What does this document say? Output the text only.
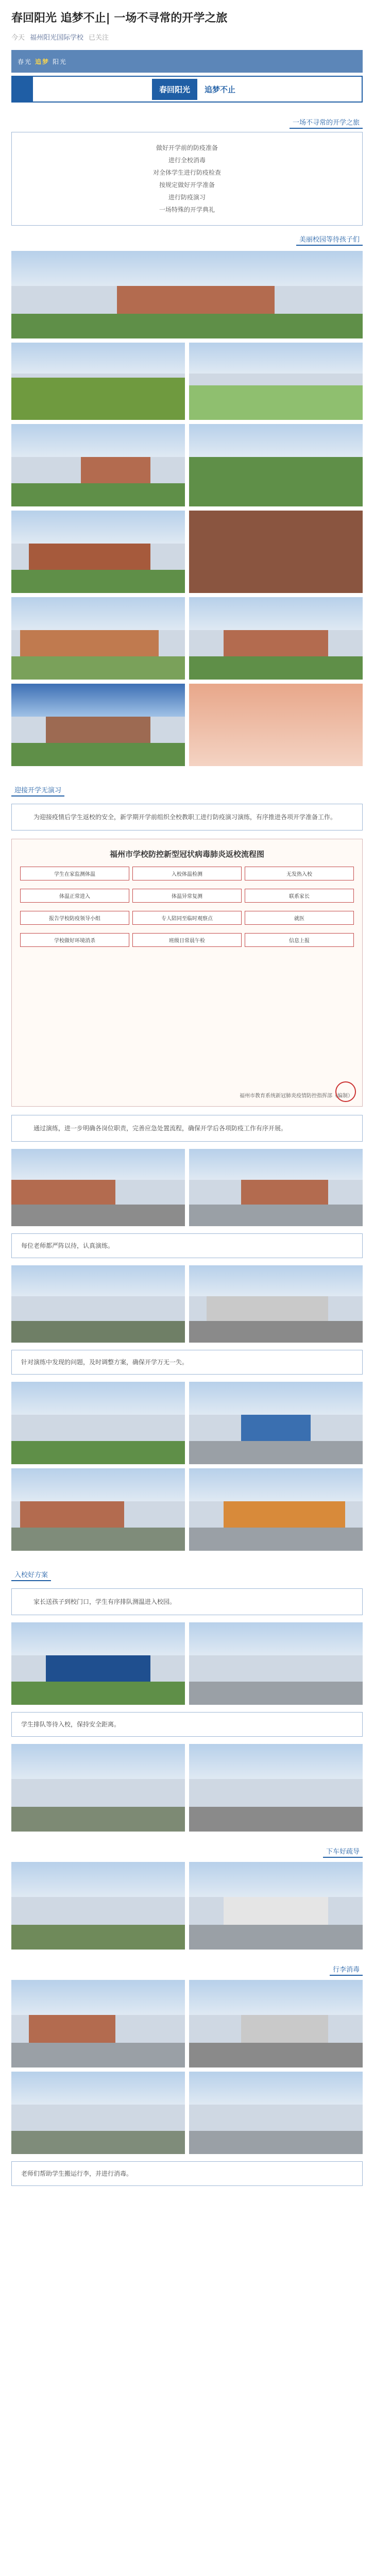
春回阳光 追梦不止| 一场不寻常的开学之旅
今天 福州阳光国际学校 已关注
春光 追梦 阳光
春回阳光	追梦不止
一场不寻常的开学之旅
做好开学前的防疫准备
进行全校消毒
对全体学生进行防疫检查
按规定做好开学准备
进行防疫演习
一场特殊的开学典礼
美丽校园等待孩子们
迎接开学无演习
为迎接疫情后学生返校的安全，新学期开学前组织全校教职工进行防疫演习演练，有序推进各项开学准备工作。
福州市学校防控新型冠状病毒肺炎返校流程图
学生在家监测体温	入校体温检测	无发热入校
体温正常进入	体温异常复测	联系家长
报告学校防疫领导小组	专人陪同至临时观察点	就医
学校做好环境消杀	班级日常晨午检	信息上报
福州市教育系统新冠肺炎疫情防控指挥部（编制）
通过演练，进一步明确各岗位职责，完善应急处置流程，确保开学后各项防疫工作有序开展。
每位老师都严阵以待，认真演练。
针对演练中发现的问题，及时调整方案，确保开学万无一失。
入校好方案
家长送孩子到校门口，学生有序排队测温进入校园。
学生排队等待入校，保持安全距离。
下车好疏导
行李消毒
老师们帮助学生搬运行李，并进行消毒。
